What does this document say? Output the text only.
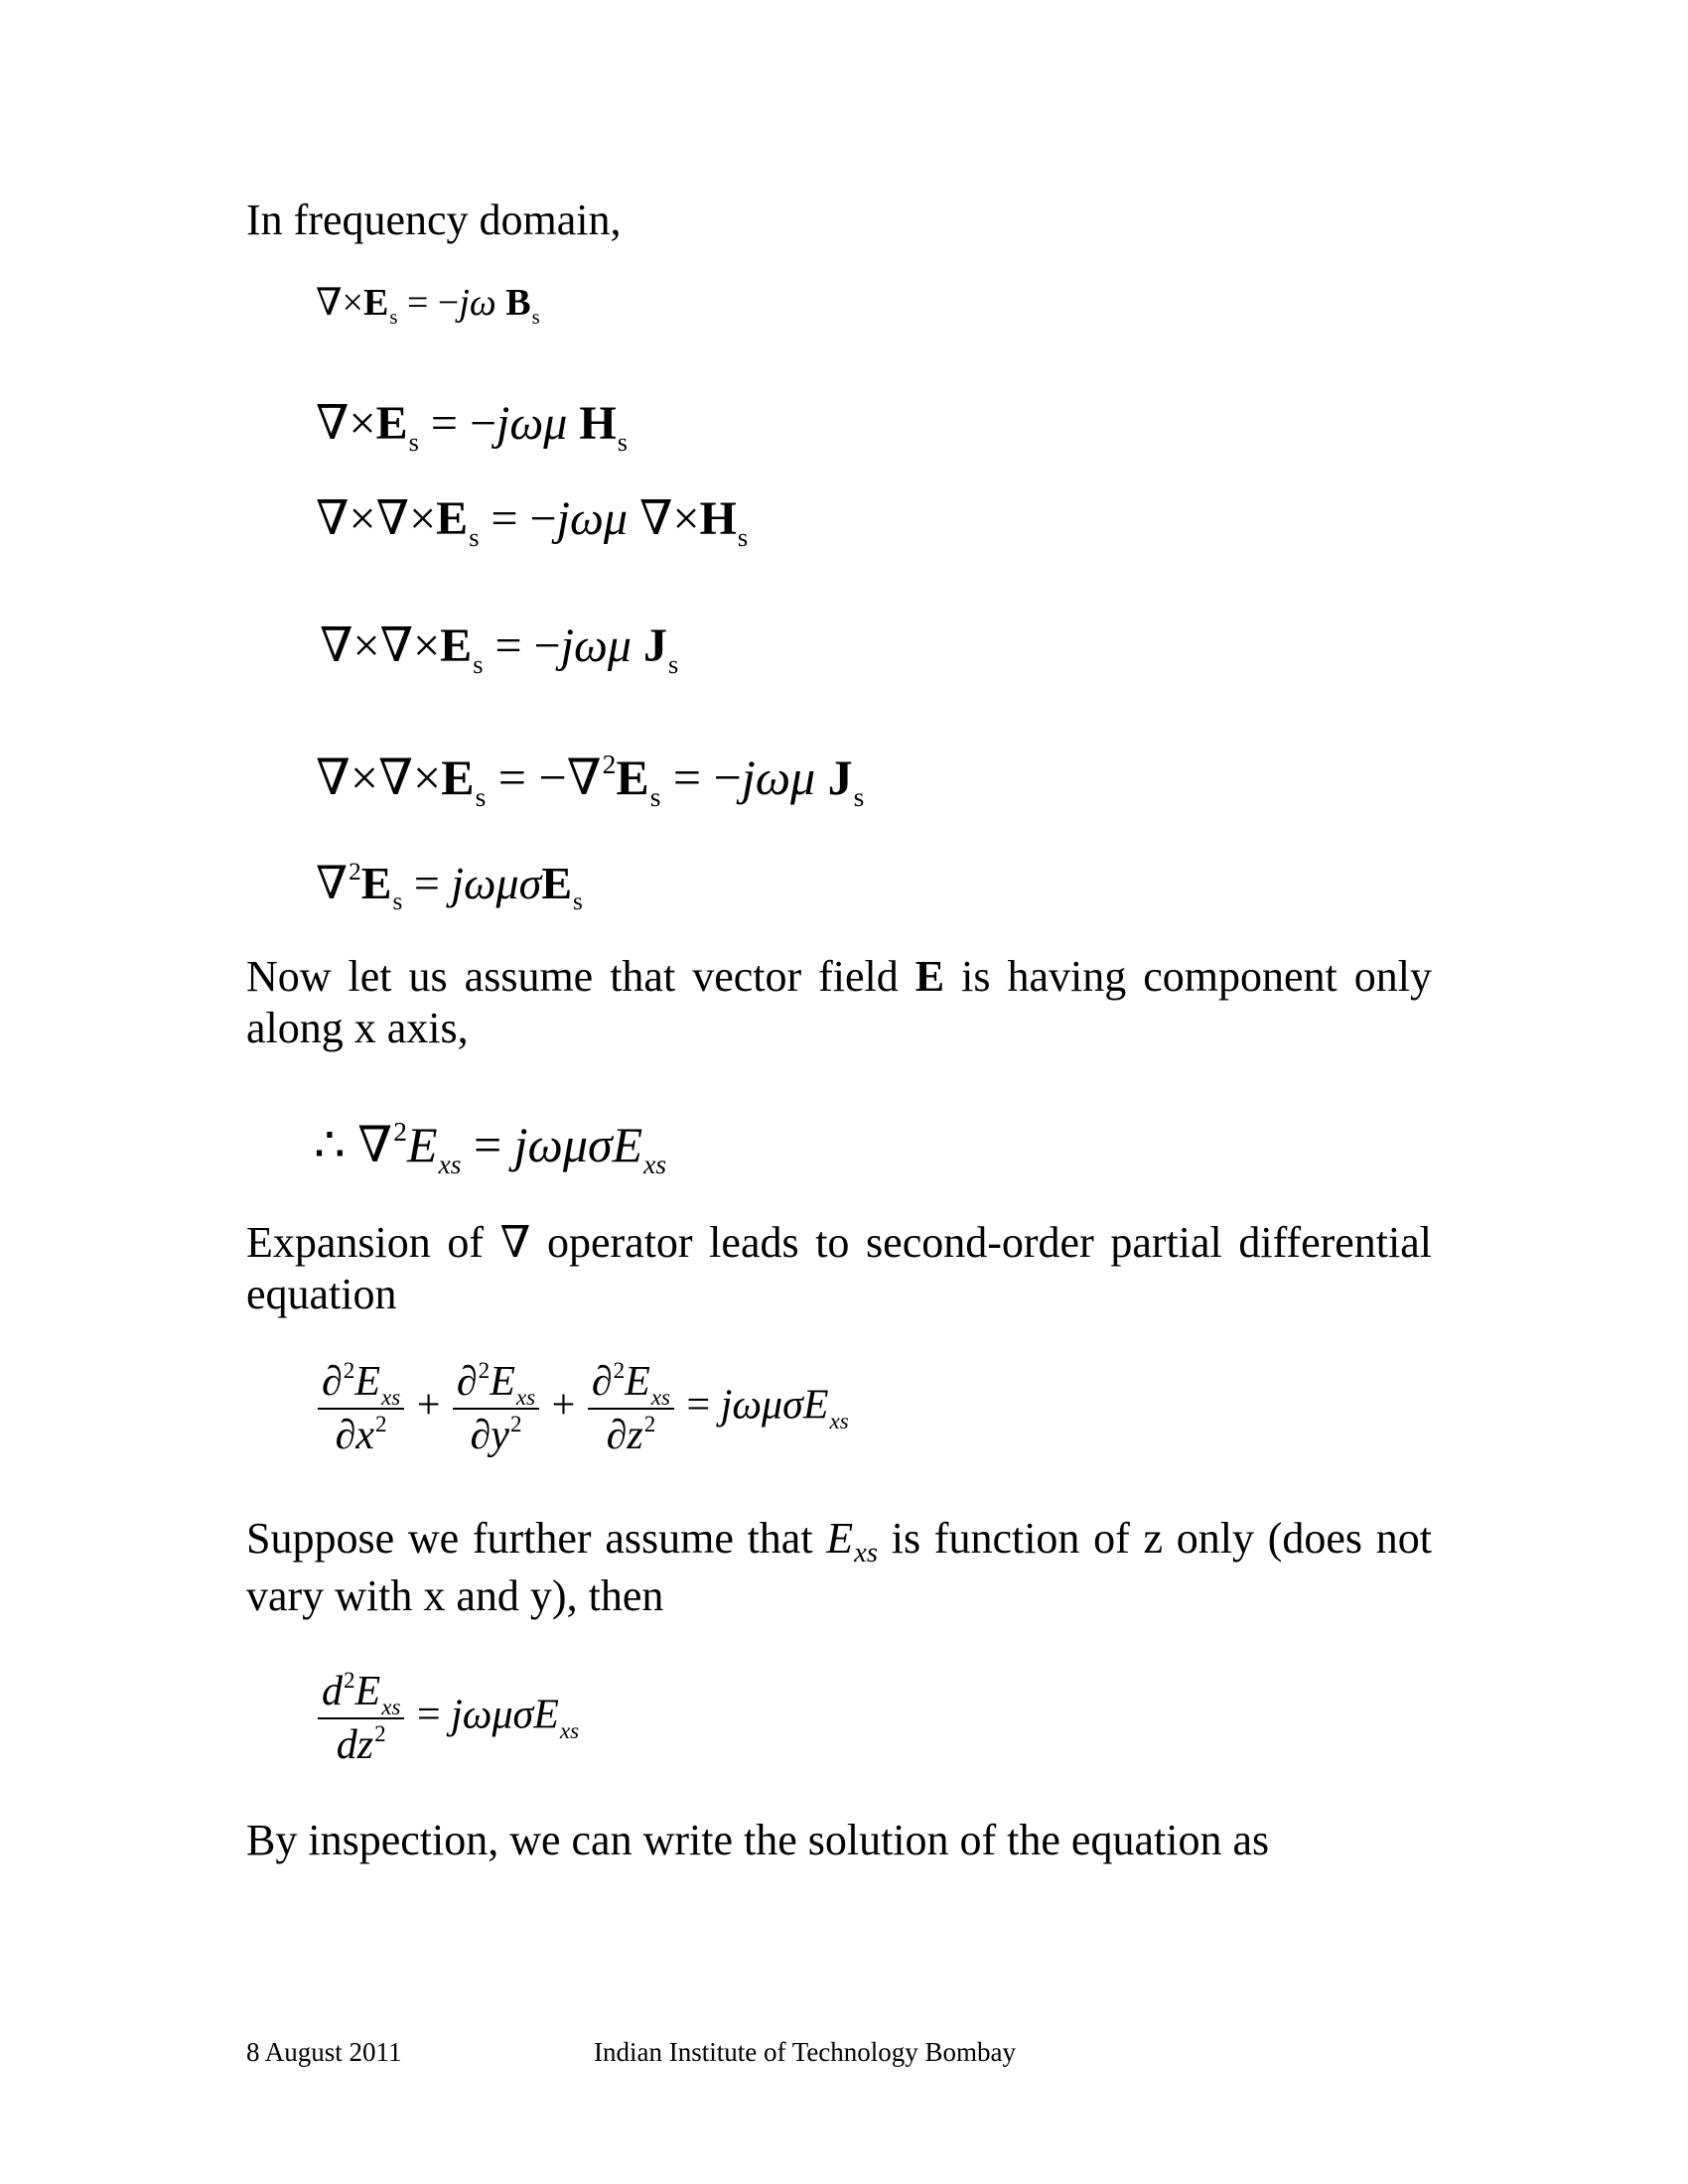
In frequency domain,
$\nabla\times E_s = -j\omega$ $B_s$
$\nabla\times E_s = -j\omega\mu$ $H_s$
$\nabla\times\nabla\times E_s = -j\omega\mu$ $\nabla\times H_s$
$\nabla\times\nabla\times E_s = -j\omega\mu$ $J_s$
$\nabla\times\nabla\times E_s = -\nabla^2E_s = -j\omega\mu$ $J_s$
$\nabla^2E_s = j\omega\mu\sigma E_s$
Now let us assume that vector field E is having component only along x axis,
∴ $\nabla^2E_{xs} = j\omega\mu\sigma E_{xs}$
Expansion of ∇ operator leads to second-order partial differential equation
$\frac{\partial^2E_{xs}}{\partial x^2} + \frac{\partial^2E_{xs}}{\partial y^2} + \frac{\partial^2E_{xs}}{\partial z^2} = j\omega\mu\sigma E_{xs}$
Suppose we further assume that Exs is function of z only (does not vary with x and y), then
$\frac{d^2E_{xs}}{dz^2} = j\omega\mu\sigma E_{xs}$
By inspection, we can write the solution of the equation as
8 August 2011	Indian Institute of Technology Bombay
